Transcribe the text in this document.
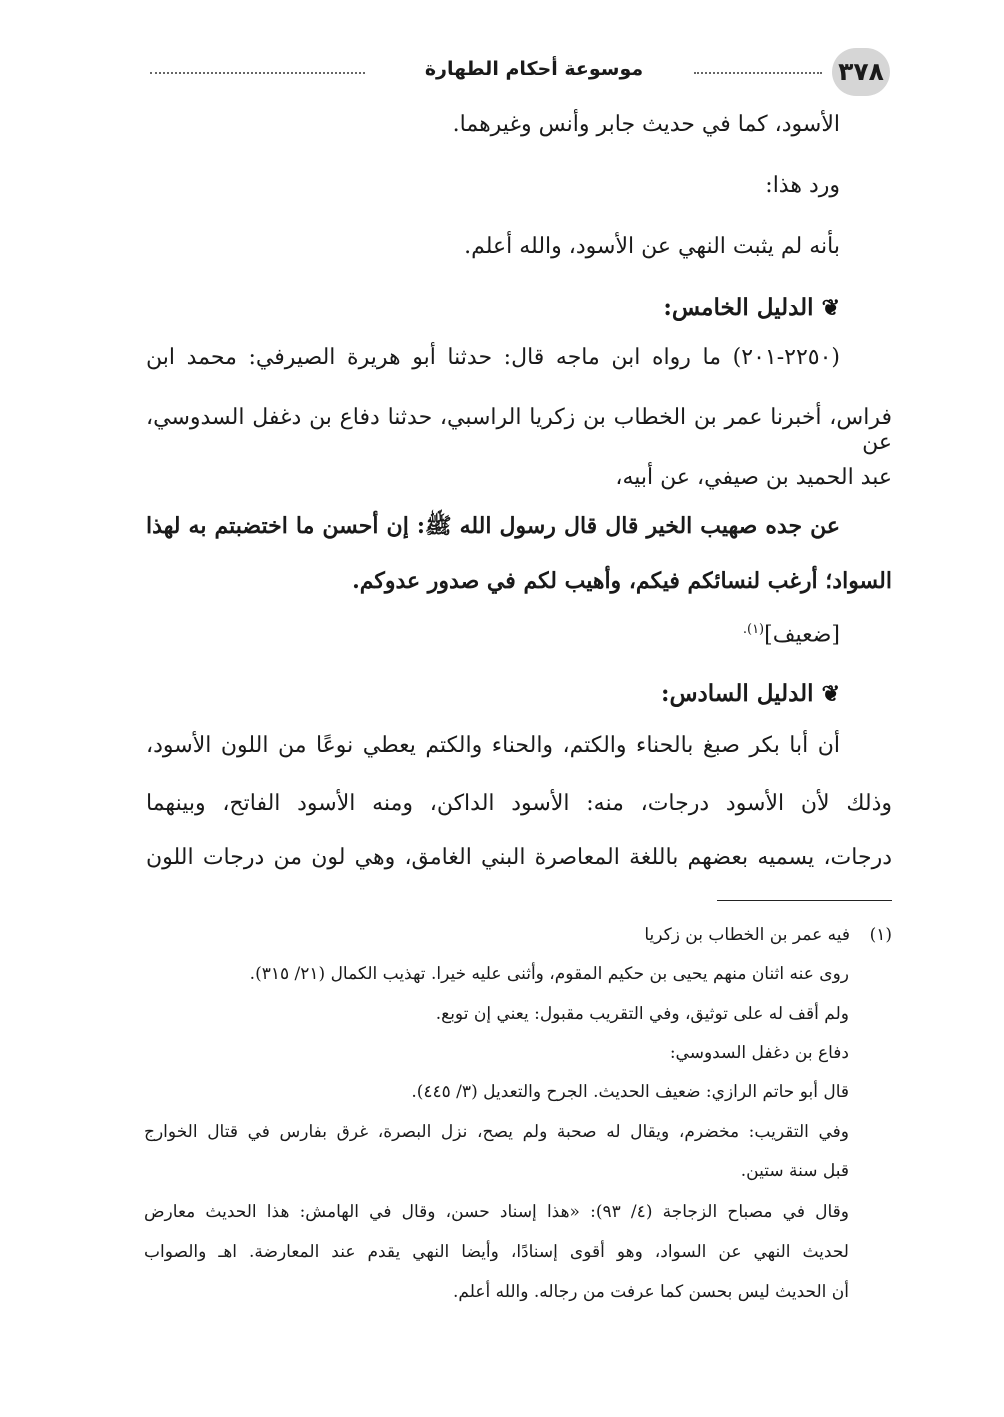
٣٧٨
موسوعة أحكام الطهارة
الأسود، كما في حديث جابر وأنس وغيرهما.
ورد هذا:
بأنه لم يثبت النهي عن الأسود، والله أعلم.
❦الدليل الخامس:
(٢٢٥٠-٢٠١) ما رواه ابن ماجه قال: حدثنا أبو هريرة الصيرفي: محمد ابن
فراس، أخبرنا عمر بن الخطاب بن زكريا الراسبي، حدثنا دفاع بن دغفل السدوسي، عن
عبد الحميد بن صيفي، عن أبيه،
عن جده صهيب الخير قال قال رسول الله ﷺ: إن أحسن ما اختضبتم به لهذا
السواد؛ أرغب لنسائكم فيكم، وأهيب لكم في صدور عدوكم.
[ضعيف]$^{(١).}$
❦الدليل السادس:
أن أبا بكر صبغ بالحناء والكتم، والحناء والكتم يعطي نوعًا من اللون الأسود،
وذلك لأن الأسود درجات، منه: الأسود الداكن، ومنه الأسود الفاتح، وبينهما
درجات، يسميه بعضهم باللغة المعاصرة البني الغامق، وهي لون من درجات اللون
(١)فيه عمر بن الخطاب بن زكريا
روى عنه اثنان منهم يحيى بن حكيم المقوم، وأثنى عليه خيرا. تهذيب الكمال (٢١/ ٣١٥).
ولم أقف له على توثيق، وفي التقريب مقبول: يعني إن توبع.
دفاع بن دغفل السدوسي:
قال أبو حاتم الرازي: ضعيف الحديث. الجرح والتعديل (٣/ ٤٤٥).
وفي التقريب: مخضرم، ويقال له صحبة ولم يصح، نزل البصرة، غرق بفارس في قتال الخوارج
قبل سنة ستين.
وقال في مصباح الزجاجة (٤/ ٩٣): «هذا إسناد حسن، وقال في الهامش: هذا الحديث معارض
لحديث النهي عن السواد، وهو أقوى إسنادًا، وأيضا النهي يقدم عند المعارضة. اهـ والصواب
أن الحديث ليس بحسن كما عرفت من رجاله. والله أعلم.
